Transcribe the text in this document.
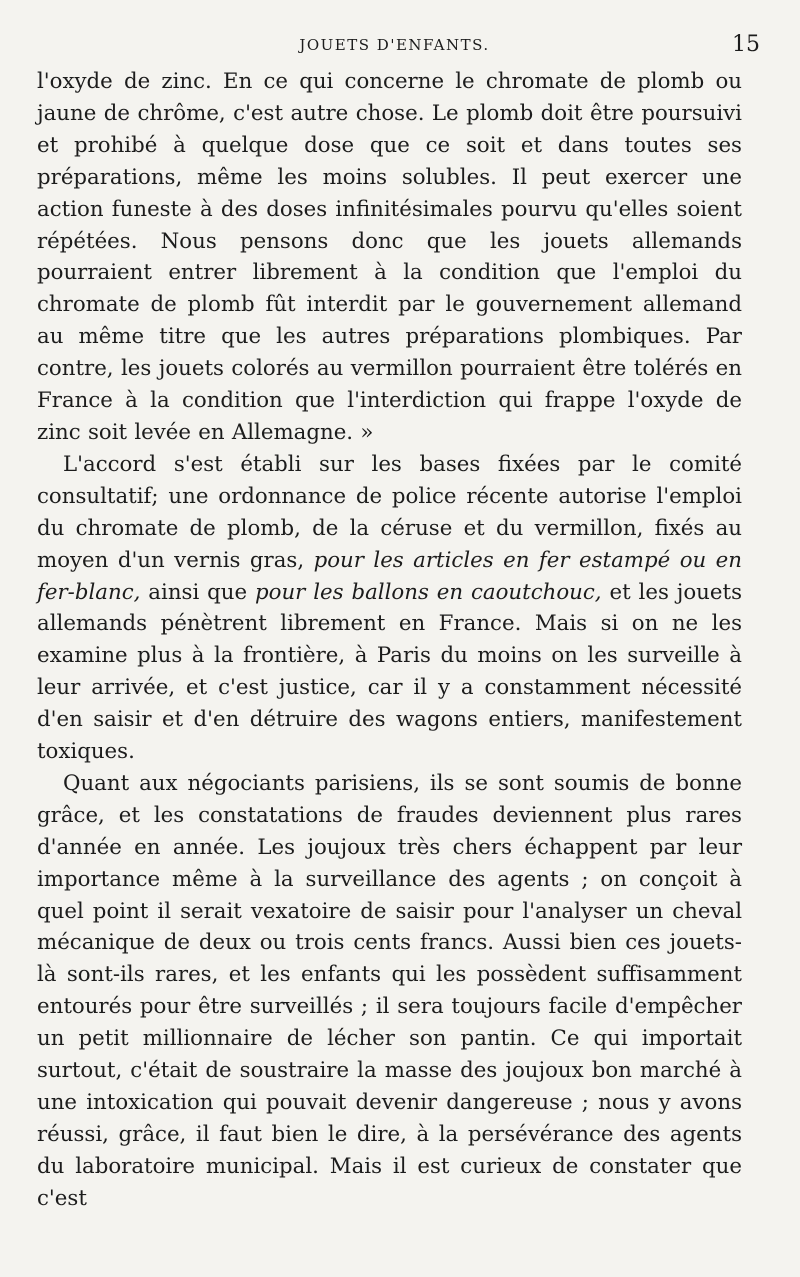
JOUETS D'ENFANTS.	15

l'oxyde de zinc. En ce qui concerne le chromate de plomb ou jaune de chrôme, c'est autre chose. Le plomb doit être poursuivi et prohibé à quelque dose que ce soit et dans toutes ses préparations, même les moins solubles. Il peut exercer une action funeste à des doses infinitésimales pourvu qu'elles soient répétées. Nous pensons donc que les jouets allemands pourraient entrer librement à la condition que l'emploi du chromate de plomb fût interdit par le gouvernement allemand au même titre que les autres préparations plombiques. Par contre, les jouets colorés au vermillon pourraient être tolérés en France à la condition que l'interdiction qui frappe l'oxyde de zinc soit levée en Allemagne. »

L'accord s'est établi sur les bases fixées par le comité consultatif; une ordonnance de police récente autorise l'emploi du chromate de plomb, de la céruse et du vermillon, fixés au moyen d'un vernis gras, pour les articles en fer estampé ou en fer-blanc, ainsi que pour les ballons en caoutchouc, et les jouets allemands pénètrent librement en France. Mais si on ne les examine plus à la frontière, à Paris du moins on les surveille à leur arrivée, et c'est justice, car il y a constamment nécessité d'en saisir et d'en détruire des wagons entiers, manifestement toxiques.

Quant aux négociants parisiens, ils se sont soumis de bonne grâce, et les constatations de fraudes deviennent plus rares d'année en année. Les joujoux très chers échappent par leur importance même à la surveillance des agents ; on conçoit à quel point il serait vexatoire de saisir pour l'analyser un cheval mécanique de deux ou trois cents francs. Aussi bien ces jouets-là sont-ils rares, et les enfants qui les possèdent suffisamment entourés pour être surveillés ; il sera toujours facile d'empêcher un petit millionnaire de lécher son pantin. Ce qui importait surtout, c'était de soustraire la masse des joujoux bon marché à une intoxication qui pouvait devenir dangereuse ; nous y avons réussi, grâce, il faut bien le dire, à la persévérance des agents du laboratoire municipal. Mais il est curieux de constater que c'est
